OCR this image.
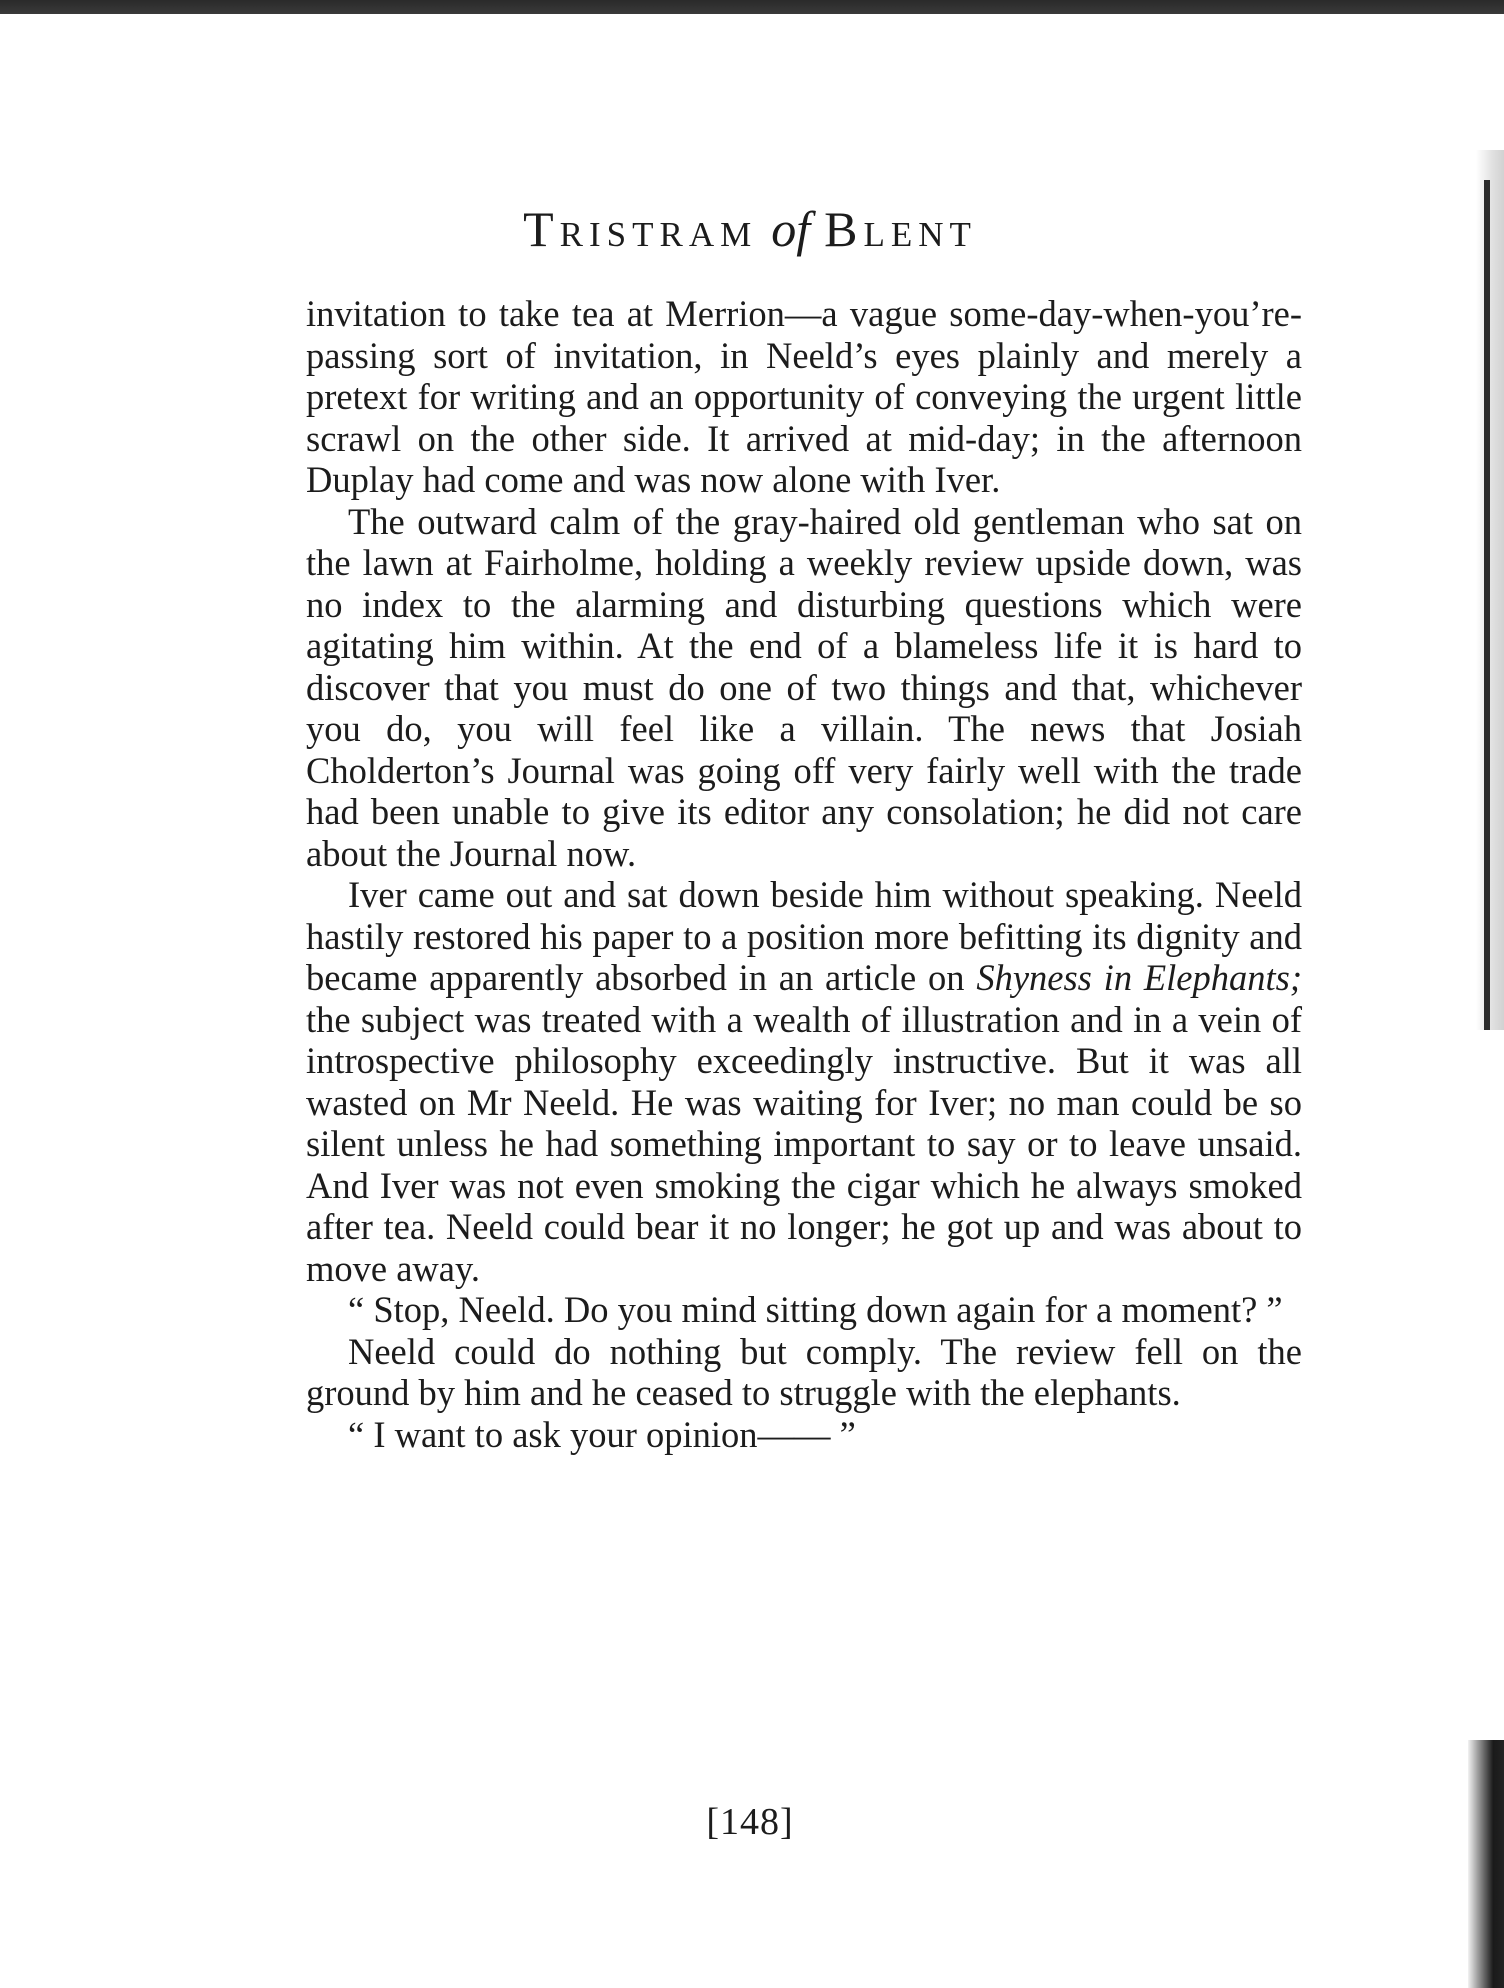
Tristram of Blent

invitation to take tea at Merrion—a vague some-day-when-you’re-passing sort of invitation, in Neeld’s eyes plainly and merely a pretext for writing and an opportunity of conveying the urgent little scrawl on the other side. It arrived at mid-day; in the afternoon Duplay had come and was now alone with Iver.

The outward calm of the gray-haired old gentleman who sat on the lawn at Fairholme, holding a weekly review upside down, was no index to the alarming and disturbing questions which were agitating him within. At the end of a blameless life it is hard to discover that you must do one of two things and that, whichever you do, you will feel like a villain. The news that Josiah Cholderton’s Journal was going off very fairly well with the trade had been unable to give its editor any consolation; he did not care about the Journal now.

Iver came out and sat down beside him without speaking. Neeld hastily restored his paper to a position more befitting its dignity and became apparently absorbed in an article on Shyness in Elephants; the subject was treated with a wealth of illustration and in a vein of introspective philosophy exceedingly instructive. But it was all wasted on Mr Neeld. He was waiting for Iver; no man could be so silent unless he had something important to say or to leave unsaid. And Iver was not even smoking the cigar which he always smoked after tea. Neeld could bear it no longer; he got up and was about to move away.

“ Stop, Neeld. Do you mind sitting down again for a moment? ”

Neeld could do nothing but comply. The review fell on the ground by him and he ceased to struggle with the elephants.

“ I want to ask your opinion—— ”

[148]
